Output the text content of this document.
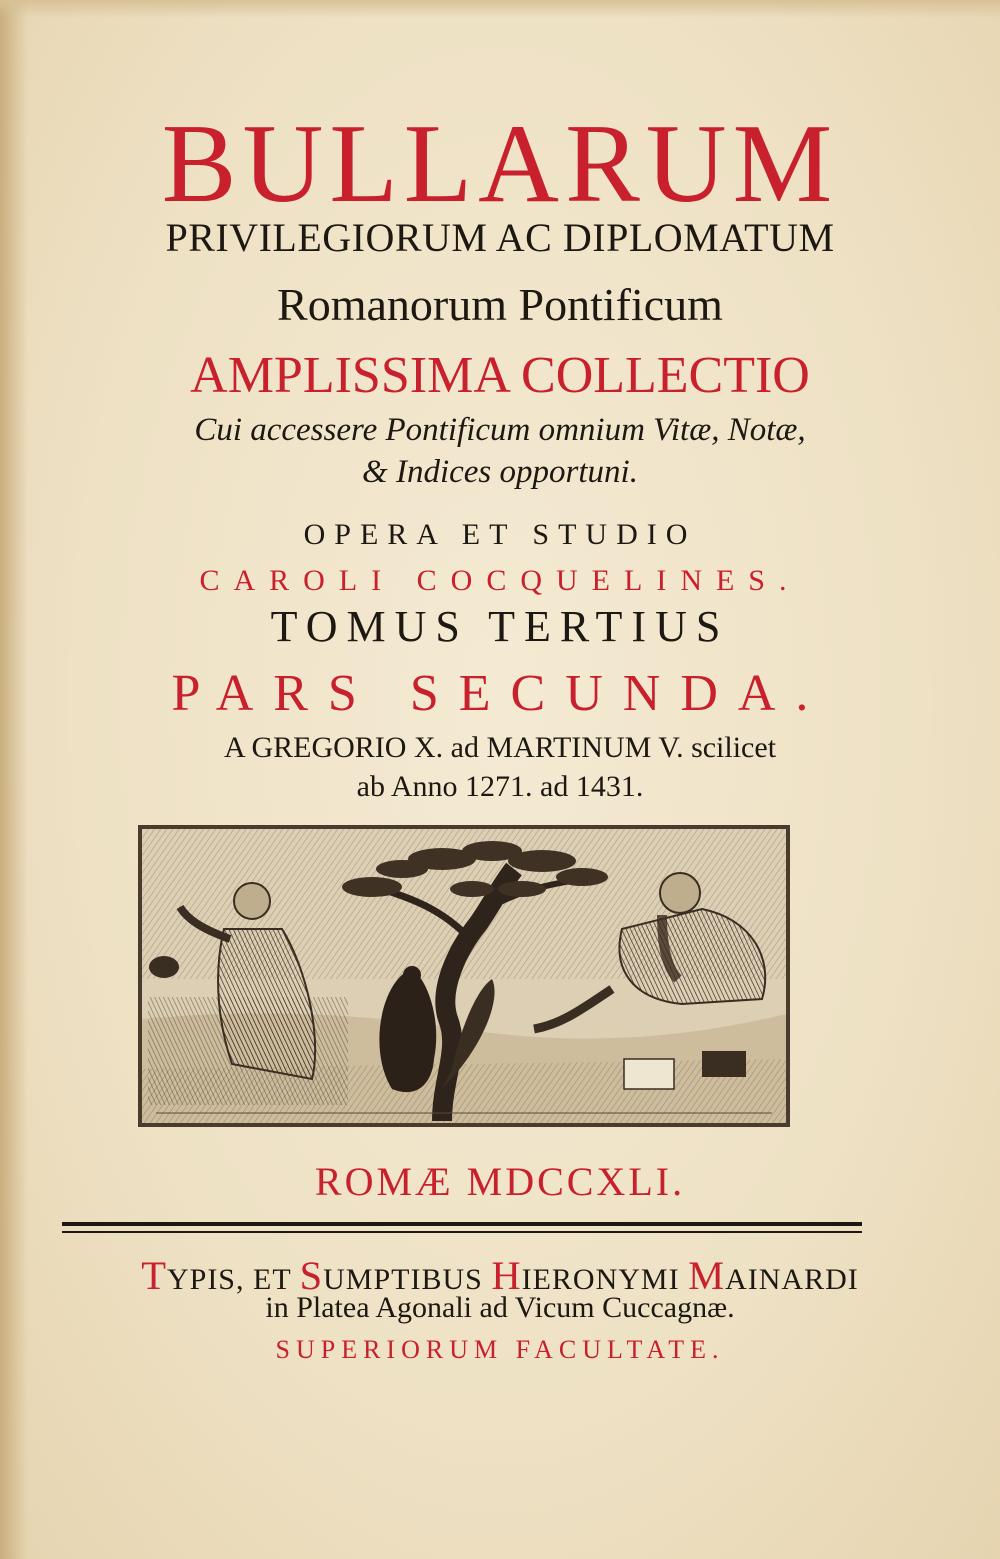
BULLARUM
PRIVILEGIORUM AC DIPLOMATUM
Romanorum Pontificum
AMPLISSIMA COLLECTIO
Cui accessere Pontificum omnium Vitæ, Notæ,
& Indices opportuni.
OPERA ET STUDIO
CAROLI COCQUELINES.
TOMUS TERTIUS
PARS SECUNDA.
A GREGORIO X. ad MARTINUM V. scilicet
ab Anno 1271. ad 1431.
ROMÆ MDCCXLI.
TYPIS, ET SUMPTIBUS HIERONYMI MAINARDI
in Platea Agonali ad Vicum Cuccagnæ.
SUPERIORUM FACULTATE.
